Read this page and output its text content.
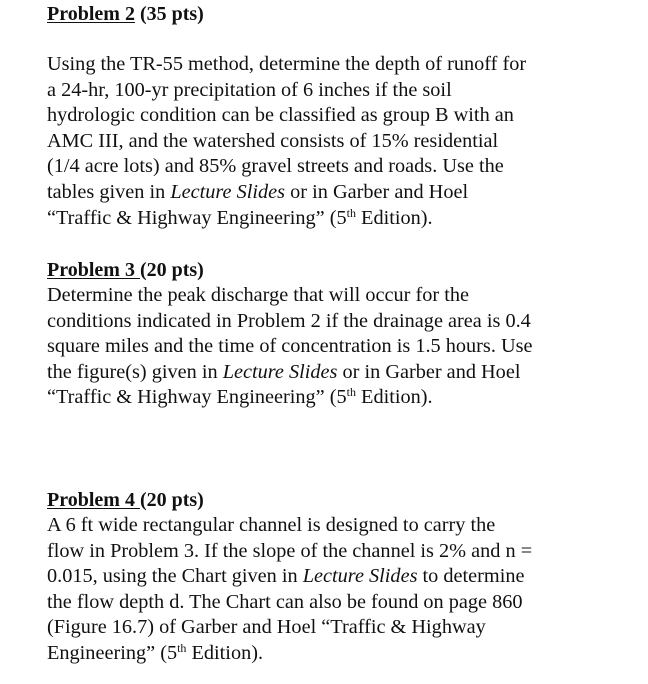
Problem 2 (35 pts)
Using the TR-55 method, determine the depth of runoff for
a 24-hr, 100-yr precipitation of 6 inches if the soil
hydrologic condition can be classified as group B with an
AMC III, and the watershed consists of 15% residential
(1/4 acre lots) and 85% gravel streets and roads. Use the
tables given in Lecture Slides or in Garber and Hoel
“Traffic & Highway Engineering” (5th Edition).
Problem 3 (20 pts)
Determine the peak discharge that will occur for the
conditions indicated in Problem 2 if the drainage area is 0.4
square miles and the time of concentration is 1.5 hours. Use
the figure(s) given in Lecture Slides or in Garber and Hoel
“Traffic & Highway Engineering” (5th Edition).
Problem 4 (20 pts)
A 6 ft wide rectangular channel is designed to carry the
flow in Problem 3. If the slope of the channel is 2% and n =
0.015, using the Chart given in Lecture Slides to determine
the flow depth d. The Chart can also be found on page 860
(Figure 16.7) of Garber and Hoel “Traffic & Highway
Engineering” (5th Edition).
